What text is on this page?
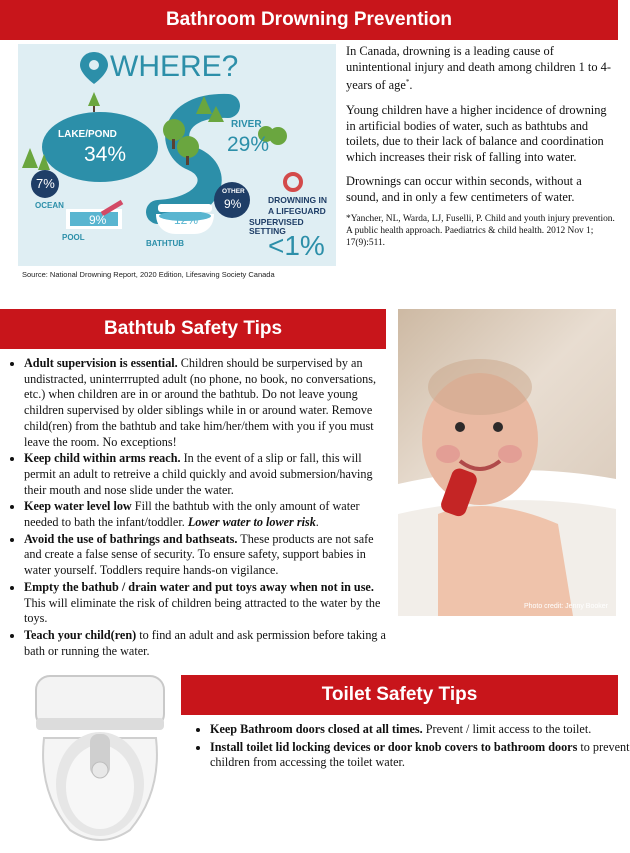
Bathroom Drowning Prevention
WHERE?
LAKE/POND
34%
RIVER
29%
7%
OCEAN
9%
POOL
12%
BATHTUB
OTHER
9%	DROWNING IN
A LIFEGUARD
SUPERVISED SETTING
<1%
Source: National Drowning Report, 2020 Edition, Lifesaving Society Canada

In Canada, drowning is a leading cause of unintentional injury and death among children 1 to 4-years of age*.

Young children have a higher incidence of drowning in artificial bodies of water, such as bathtubs and toilets, due to their lack of balance and coordination which increases their risk of falling into water.

Drownings can occur within seconds, without a sound, and in only a few centimeters of water.

*Yancher, NL, Warda, LJ, Fuselli, P. Child and youth injury prevention. A public health approach. Paediatrics & child health. 2012 Nov 1; 17(9):511.
Bathtub Safety Tips
• Adult supervision is essential. Children should be surpervised by an undistracted, uninterrrupted adult (no phone, no book, no conversations, etc.) when children are in or around the bathtub. Do not leave young children supervised by older siblings while in or around water. Remove child(ren) from the bathtub and take him/her/them with you if you must leave the room. No exceptions!
• Keep child within arms reach. In the event of a slip or fall, this will permit an adult to retreive a child quickly and avoid submersion/having their mouth and nose slide under the water.
• Keep water level low Fill the bathtub with the only amount of water needed to bath the infant/toddler. Lower water to lower risk.
• Avoid the use of bathrings and bathseats. These products are not safe and create a false sense of security. To ensure safety, support babies in water yourself. Toddlers require hands-on vigilance.
• Empty the bathub / drain water and put toys away when not in use. This will eliminate the risk of children being attracted to the water by the toys.
• Teach your child(ren) to find an adult and ask permission before taking a bath or running the water.
Photo credit: Jenny Booker
Toilet Safety Tips
• Keep Bathroom doors closed at all times. Prevent / limit access to the toilet.
• Install toilet lid locking devices or door knob covers to bathroom doors to prevent children from accessing the toilet water.
